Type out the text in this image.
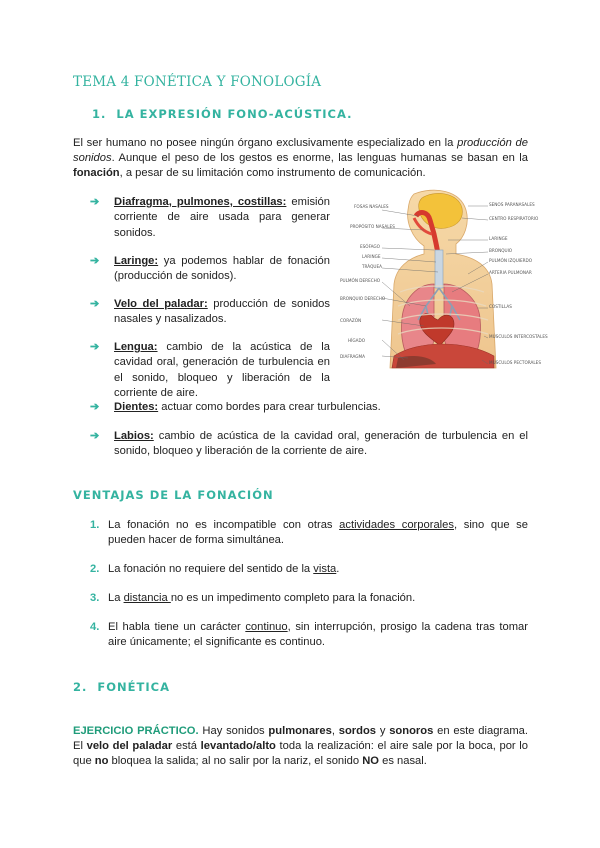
TEMA 4 FONÉTICA Y FONOLOGÍA
1. LA EXPRESIÓN FONO-ACÚSTICA.
El ser humano no posee ningún órgano exclusivamente especializado en la producción de sonidos. Aunque el peso de los gestos es enorme, las lenguas humanas se basan en la fonación, a pesar de su limitación como instrumento de comunicación.
➔ Diafragma, pulmones, costillas: emisión corriente de aire usada para generar sonidos.
➔ Laringe: ya podemos hablar de fonación (producción de sonidos).
➔ Velo del paladar: producción de sonidos nasales y nasalizados.
➔ Lengua: cambio de la acústica de la cavidad oral, generación de turbulencia en el sonido, bloqueo y liberación de la corriente de aire.
➔ Dientes: actuar como bordes para crear turbulencias.
➔ Labios: cambio de acústica de la cavidad oral, generación de turbulencia en el sonido, bloqueo y liberación de la corriente de aire.
FOSAS NASALES
PROPÓSITO NASALES
ESÓFAGO
LARINGE
TRÁQUEA
PULMÓN DERECHO
BRONQUIO DERECHO
CORAZÓN
HÍGADO
DIAFRAGMA
SENOS PARANASALES
CENTRO RESPIRATORIO
LARINGE
BRONQUIO
PULMÓN IZQUIERDO
ARTERIA PULMONAR
COSTILLAS
MÚSCULOS INTERCOSTALES
MÚSCULOS PECTORALES
VENTAJAS DE LA FONACIÓN
1. La fonación no es incompatible con otras actividades corporales, sino que se pueden hacer de forma simultánea.
2. La fonación no requiere del sentido de la vista.
3. La distancia no es un impedimento completo para la fonación.
4. El habla tiene un carácter continuo, sin interrupción, prosigo la cadena tras tomar aire únicamente; el significante es continuo.
2. FONÉTICA
EJERCICIO PRÁCTICO. Hay sonidos pulmonares, sordos y sonoros en este diagrama. El velo del paladar está levantado/alto toda la realización: el aire sale por la boca, por lo que no bloquea la salida; al no salir por la nariz, el sonido NO es nasal.
